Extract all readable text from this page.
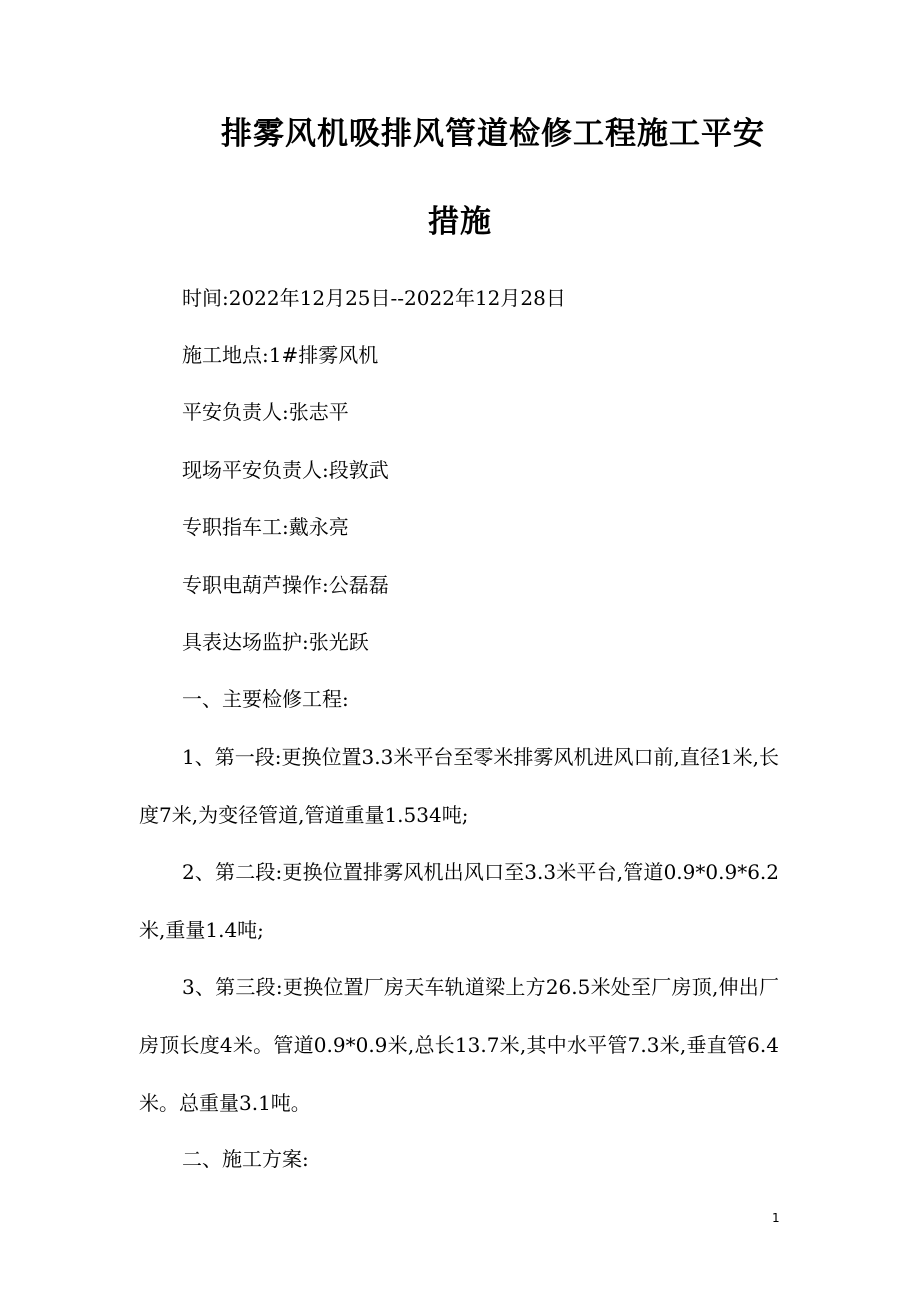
排雾风机吸排风管道检修工程施工平安
措施
时间:2022年12月25日--2022年12月28日
施工地点:1#排雾风机
平安负责人:张志平
现场平安负责人:段敦武
专职指车工:戴永亮
专职电葫芦操作:公磊磊
具表达场监护:张光跃
一、主要检修工程:
1、第一段:更换位置3.3米平台至零米排雾风机进风口前,直径1米,长度7米,为变径管道,管道重量1.534吨;
2、第二段:更换位置排雾风机出风口至3.3米平台,管道0.9*0.9*6.2米,重量1.4吨;
3、第三段:更换位置厂房天车轨道梁上方26.5米处至厂房顶,伸出厂房顶长度4米。管道0.9*0.9米,总长13.7米,其中水平管7.3米,垂直管6.4米。总重量3.1吨。
二、施工方案:
1
